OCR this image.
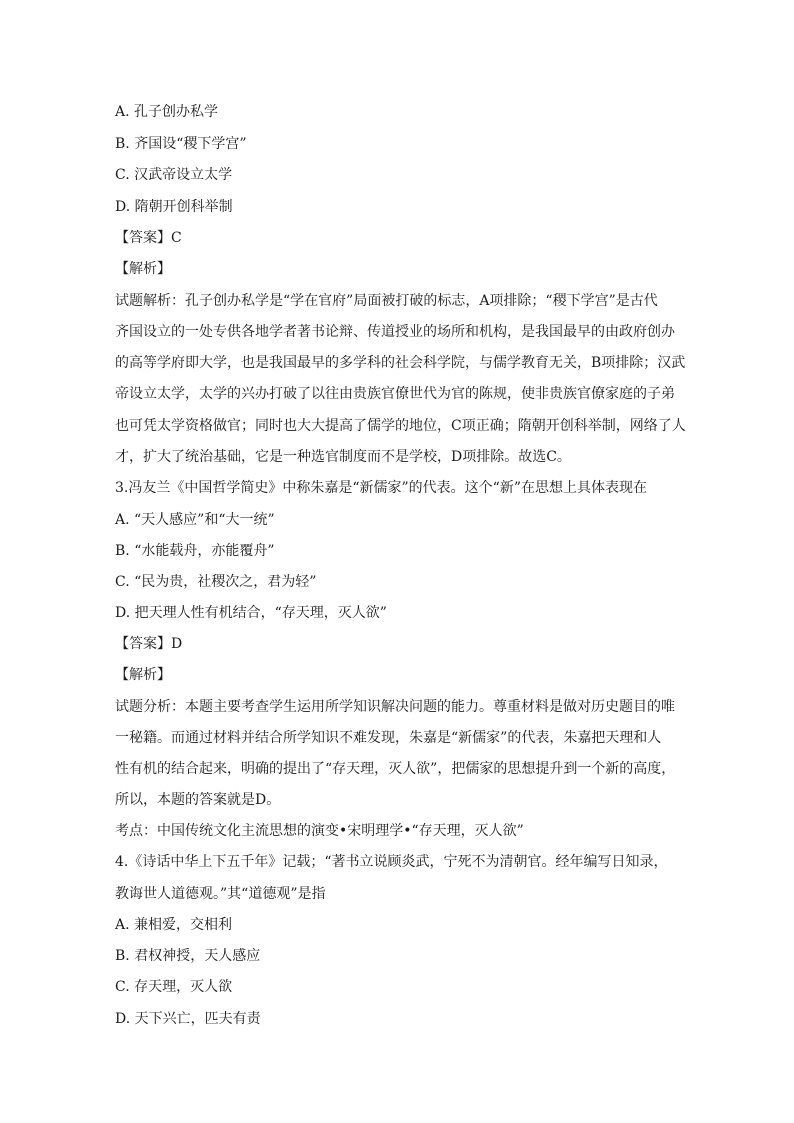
A. 孔子创办私学
B. 齐国设“稷下学宫”
C. 汉武帝设立太学
D. 隋朝开创科举制
【答案】C
【解析】
试题解析：孔子创办私学是“学在官府”局面被打破的标志，A项排除；“稷下学宫”是古代
齐国设立的一处专供各地学者著书论辩、传道授业的场所和机构，是我国最早的由政府创办
的高等学府即大学，也是我国最早的多学科的社会科学院，与儒学教育无关，B项排除；汉武
帝设立太学，太学的兴办打破了以往由贵族官僚世代为官的陈规，使非贵族官僚家庭的子弟
也可凭太学资格做官；同时也大大提高了儒学的地位，C项正确；隋朝开创科举制，网络了人
才，扩大了统治基础，它是一种选官制度而不是学校，D项排除。故选C。
3.冯友兰《中国哲学简史》中称朱嘉是“新儒家”的代表。这个“新”在思想上具体表现在
A. “天人感应”和“大一统”
B. “水能载舟，亦能覆舟”
C. “民为贵，社稷次之，君为轻”
D. 把天理人性有机结合，“存天理，灭人欲”
【答案】D
【解析】
试题分析：本题主要考查学生运用所学知识解决问题的能力。尊重材料是做对历史题目的唯
一秘籍。而通过材料并结合所学知识不难发现，朱嘉是“新儒家”的代表，朱嘉把天理和人
性有机的结合起来，明确的提出了“存天理，灭人欲”，把儒家的思想提升到一个新的高度，
所以，本题的答案就是D。
考点：中国传统文化主流思想的演变•宋明理学•“存天理，灭人欲”
4.《诗话中华上下五千年》记载；“著书立说顾炎武，宁死不为清朝官。经年编写日知录，
教诲世人道德观。”其“道德观”是指
A. 兼相爱，交相利
B. 君权神授，天人感应
C. 存天理，灭人欲
D. 天下兴亡，匹夫有责
